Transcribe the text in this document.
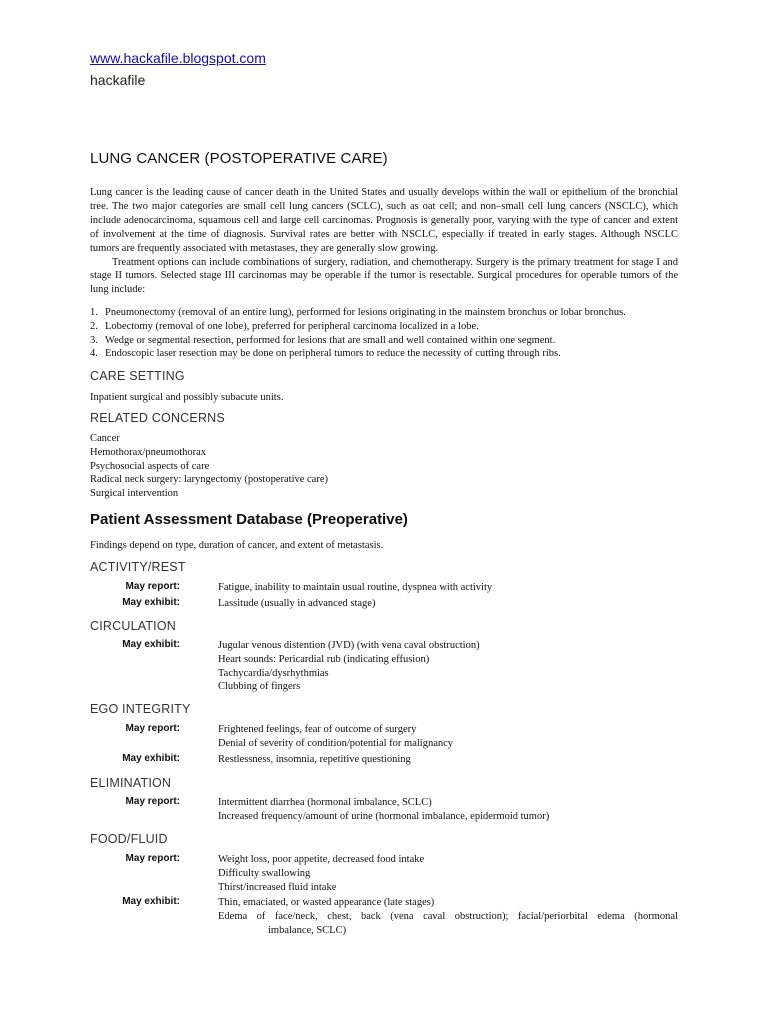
www.hackafile.blogspot.com
hackafile
LUNG CANCER (POSTOPERATIVE CARE)

Lung cancer is the leading cause of cancer death in the United States and usually develops within the wall or epithelium of the bronchial tree. The two major categories are small cell lung cancers (SCLC), such as oat cell; and non–small cell lung cancers (NSCLC), which include adenocarcinoma, squamous cell and large cell carcinomas. Prognosis is generally poor, varying with the type of cancer and extent of involvement at the time of diagnosis. Survival rates are better with NSCLC, especially if treated in early stages. Although NSCLC tumors are frequently associated with metastases, they are generally slow growing.

Treatment options can include combinations of surgery, radiation, and chemotherapy. Surgery is the primary treatment for stage I and stage II tumors. Selected stage III carcinomas may be operable if the tumor is resectable. Surgical procedures for operable tumors of the lung include:

1. Pneumonectomy (removal of an entire lung), performed for lesions originating in the mainstem bronchus or lobar bronchus.
2. Lobectomy (removal of one lobe), preferred for peripheral carcinoma localized in a lobe.
3. Wedge or segmental resection, performed for lesions that are small and well contained within one segment.
4. Endoscopic laser resection may be done on peripheral tumors to reduce the necessity of cutting through ribs.
CARE SETTING
Inpatient surgical and possibly subacute units.
RELATED CONCERNS
Cancer
Hemothorax/pneumothorax
Psychosocial aspects of care
Radical neck surgery: laryngectomy (postoperative care)
Surgical intervention
Patient Assessment Database (Preoperative)
Findings depend on type, duration of cancer, and extent of metastasis.
ACTIVITY/REST
May report:	Fatigue, inability to maintain usual routine, dyspnea with activity
May exhibit:	Lassitude (usually in advanced stage)
CIRCULATION
May exhibit:	Jugular venous distention (JVD) (with vena caval obstruction)
Heart sounds: Pericardial rub (indicating effusion)
Tachycardia/dysrhythmias
Clubbing of fingers
EGO INTEGRITY
May report:	Frightened feelings, fear of outcome of surgery
Denial of severity of condition/potential for malignancy
May exhibit:	Restlessness, insomnia, repetitive questioning
ELIMINATION
May report:	Intermittent diarrhea (hormonal imbalance, SCLC)
Increased frequency/amount of urine (hormonal imbalance, epidermoid tumor)
FOOD/FLUID
May report:	Weight loss, poor appetite, decreased food intake
Difficulty swallowing
Thirst/increased fluid intake
May exhibit:	Thin, emaciated, or wasted appearance (late stages)
Edema of face/neck, chest, back (vena caval obstruction); facial/periorbital edema (hormonal
imbalance, SCLC)
